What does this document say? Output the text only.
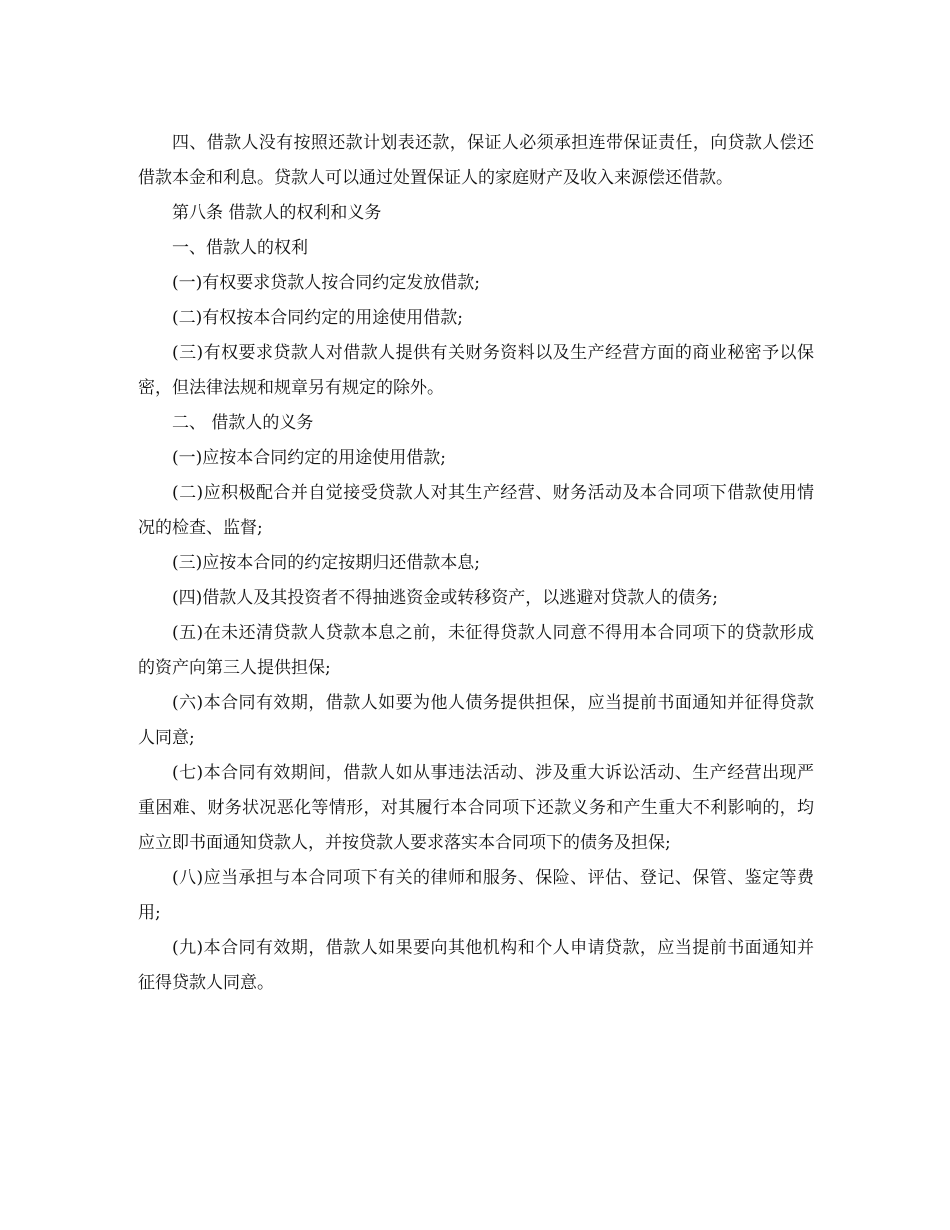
四、借款人没有按照还款计划表还款，保证人必须承担连带保证责任，向贷款人偿还借款本金和利息。贷款人可以通过处置保证人的家庭财产及收入来源偿还借款。

第八条 借款人的权利和义务

一、借款人的权利

(一)有权要求贷款人按合同约定发放借款;

(二)有权按本合同约定的用途使用借款;

(三)有权要求贷款人对借款人提供有关财务资料以及生产经营方面的商业秘密予以保密，但法律法规和规章另有规定的除外。

二、 借款人的义务

(一)应按本合同约定的用途使用借款;

(二)应积极配合并自觉接受贷款人对其生产经营、财务活动及本合同项下借款使用情况的检查、监督;

(三)应按本合同的约定按期归还借款本息;

(四)借款人及其投资者不得抽逃资金或转移资产，以逃避对贷款人的债务;

(五)在未还清贷款人贷款本息之前，未征得贷款人同意不得用本合同项下的贷款形成的资产向第三人提供担保;

(六)本合同有效期，借款人如要为他人债务提供担保，应当提前书面通知并征得贷款人同意;

(七)本合同有效期间，借款人如从事违法活动、涉及重大诉讼活动、生产经营出现严重困难、财务状况恶化等情形，对其履行本合同项下还款义务和产生重大不利影响的，均应立即书面通知贷款人，并按贷款人要求落实本合同项下的债务及担保;

(八)应当承担与本合同项下有关的律师和服务、保险、评估、登记、保管、鉴定等费用;

(九)本合同有效期，借款人如果要向其他机构和个人申请贷款，应当提前书面通知并征得贷款人同意。
